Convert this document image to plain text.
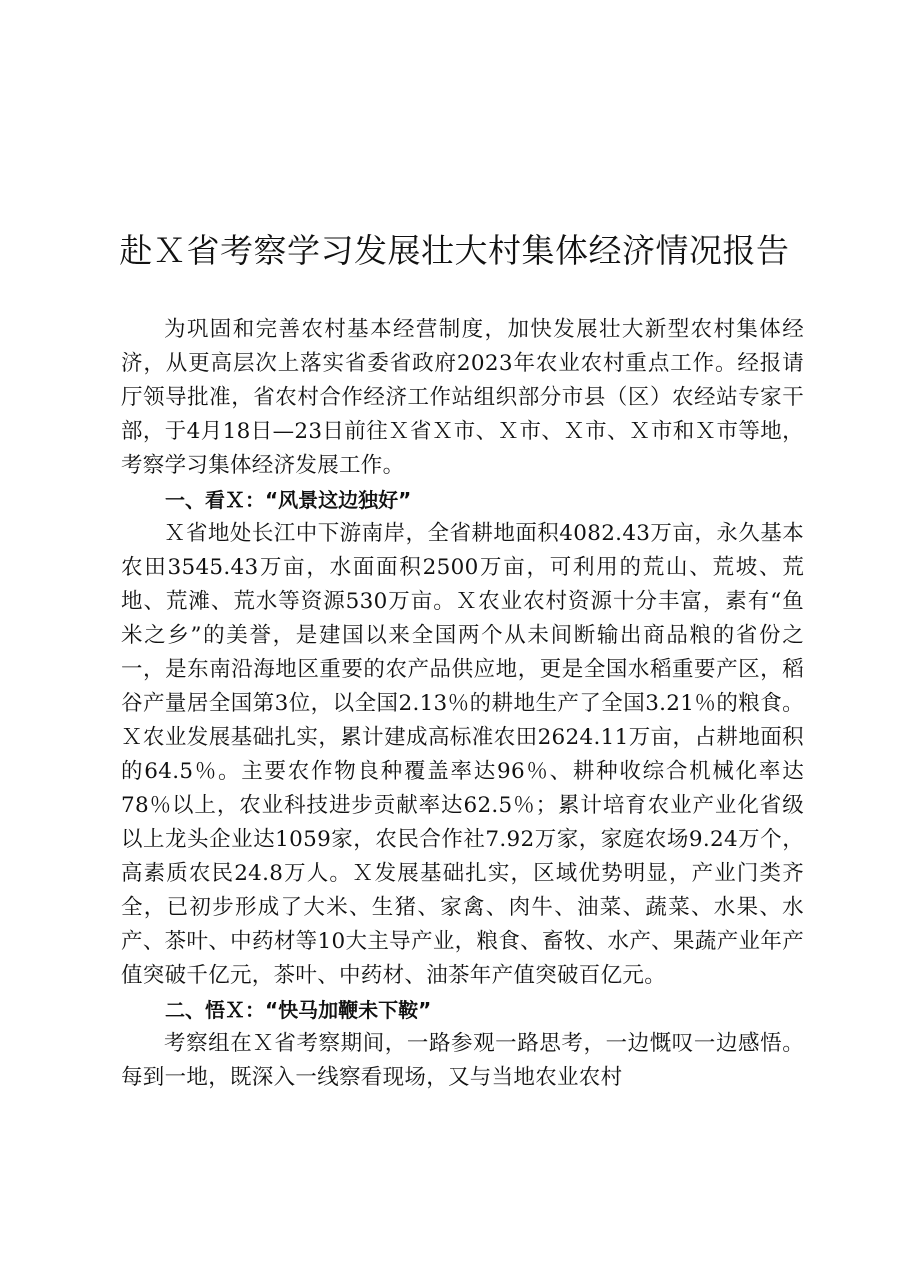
赴Ｘ省考察学习发展壮大村集体经济情况报告

为巩固和完善农村基本经营制度，加快发展壮大新型农村集体经济，从更高层次上落实省委省政府2023年农业农村重点工作。经报请厅领导批准，省农村合作经济工作站组织部分市县（区）农经站专家干部，于4月18日—23日前往Ｘ省Ｘ市、Ｘ市、Ｘ市、Ｘ市和Ｘ市等地，考察学习集体经济发展工作。

一、看Ｘ：“风景这边独好”

Ｘ省地处长江中下游南岸，全省耕地面积4082.43万亩，永久基本农田3545.43万亩，水面面积2500万亩，可利用的荒山、荒坡、荒地、荒滩、荒水等资源530万亩。Ｘ农业农村资源十分丰富，素有“鱼米之乡”的美誉，是建国以来全国两个从未间断输出商品粮的省份之一，是东南沿海地区重要的农产品供应地，更是全国水稻重要产区，稻谷产量居全国第3位，以全国2.13％的耕地生产了全国3.21％的粮食。Ｘ农业发展基础扎实，累计建成高标准农田2624.11万亩，占耕地面积的64.5％。主要农作物良种覆盖率达96％、耕种收综合机械化率达78％以上，农业科技进步贡献率达62.5％；累计培育农业产业化省级以上龙头企业达1059家，农民合作社7.92万家，家庭农场9.24万个，高素质农民24.8万人。Ｘ发展基础扎实，区域优势明显，产业门类齐全，已初步形成了大米、生猪、家禽、肉牛、油菜、蔬菜、水果、水产、茶叶、中药材等10大主导产业，粮食、畜牧、水产、果蔬产业年产值突破千亿元，茶叶、中药材、油茶年产值突破百亿元。

二、悟Ｘ：“快马加鞭未下鞍”

考察组在Ｘ省考察期间，一路参观一路思考，一边慨叹一边感悟。每到一地，既深入一线察看现场，又与当地农业农村
